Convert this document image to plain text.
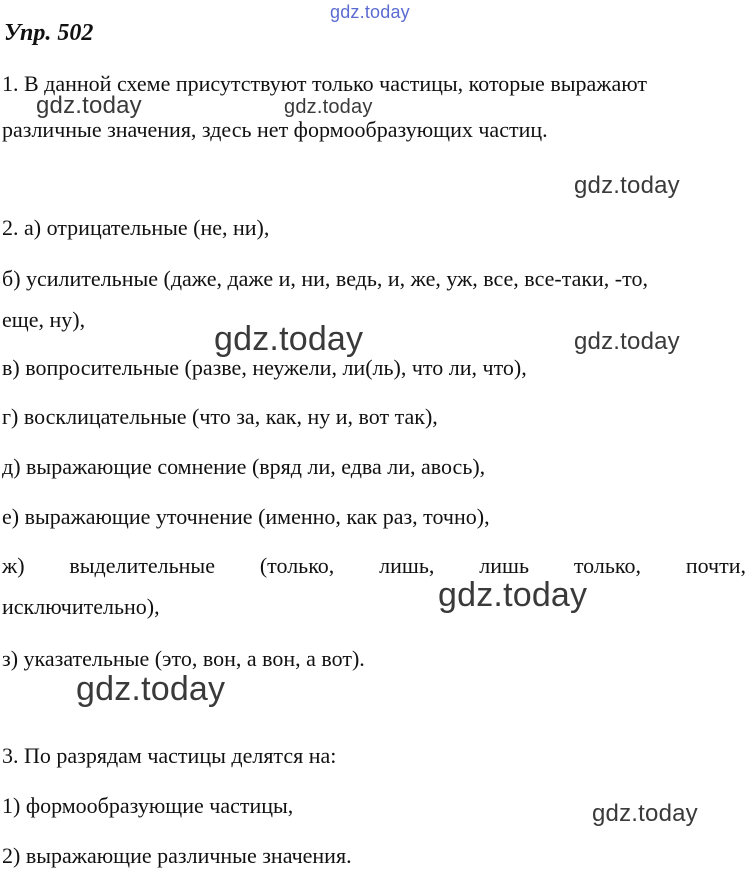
gdz.today
Упр. 502
1. В данной схеме присутствуют только частицы, которые выражают
gdz.today	gdz.today
различные значения, здесь нет формообразующих частиц.
gdz.today
2. а) отрицательные (не, ни),
б) усилительные (даже, даже и, ни, ведь, и, же, уж, все, все-таки, -то,
еще, ну),
gdz.today	gdz.today
в) вопросительные (разве, неужели, ли(ль), что ли, что),
г) восклицательные (что за, как, ну и, вот так),
д) выражающие сомнение (вряд ли, едва ли, авось),
е) выражающие уточнение (именно, как раз, точно),
ж) выделительные (только, лишь, лишь только, почти,
gdz.today
исключительно),
з) указательные (это, вон, а вон, а вот).
gdz.today
3. По разрядам частицы делятся на:
1) формообразующие частицы,	gdz.today
2) выражающие различные значения.
